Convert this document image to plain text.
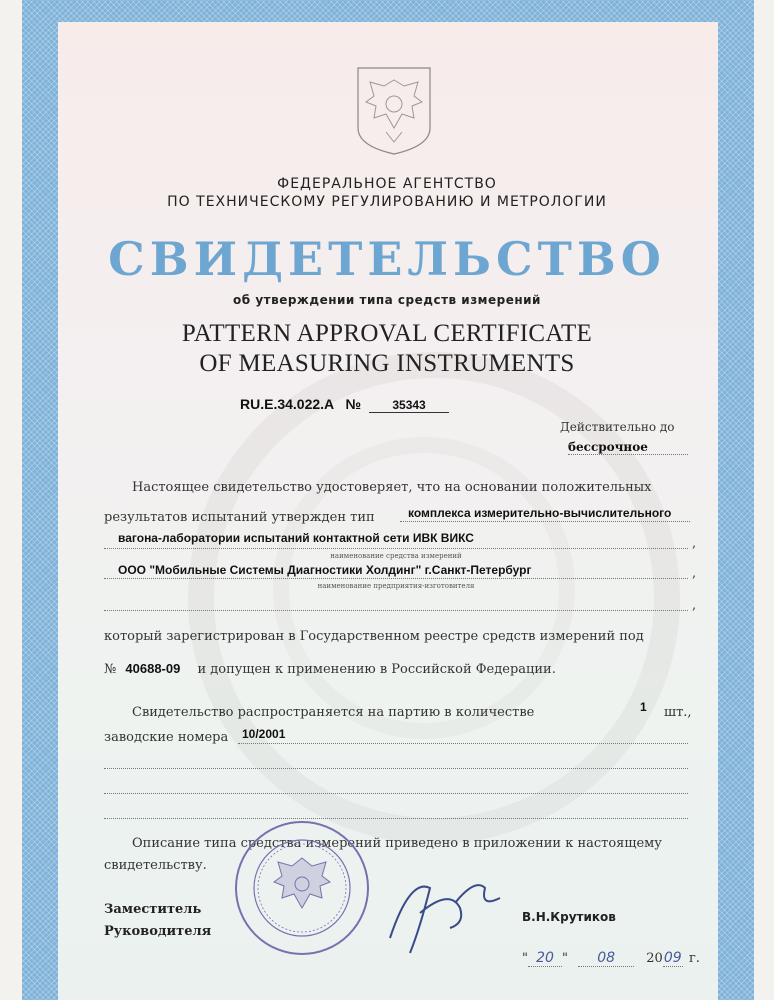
ФЕДЕРАЛЬНОЕ АГЕНТСТВО
ПО ТЕХНИЧЕСКОМУ РЕГУЛИРОВАНИЮ И МЕТРОЛОГИИ
СВИДЕТЕЛЬСТВО
об утверждении типа средств измерений
PATTERN APPROVAL CERTIFICATE
OF MEASURING INSTRUMENTS
RU.E.34.022.A №	35343
Действительно до
бессрочное
Настоящее свидетельство удостоверяет, что на основании положительных
результатов испытаний утвержден тип	комплекса измерительно-вычислительного
вагона-лаборатории испытаний контактной сети ИВК ВИКС	,
наименование средства измерений
ООО "Мобильные Системы Диагностики Холдинг" г.Санкт-Петербург	,
наименование предприятия-изготовителя
,
который зарегистрирован в Государственном реестре средств измерений под
№ 40688-09 и допущен к применению в Российской Федерации.
Свидетельство распространяется на партию в количестве	1 шт.,
заводские номера 10/2001
Описание типа средства измерений приведено в приложении к настоящему
свидетельству.
Заместитель
Руководителя
В.Н.Крутиков
" 20 " 08 2009 г.
